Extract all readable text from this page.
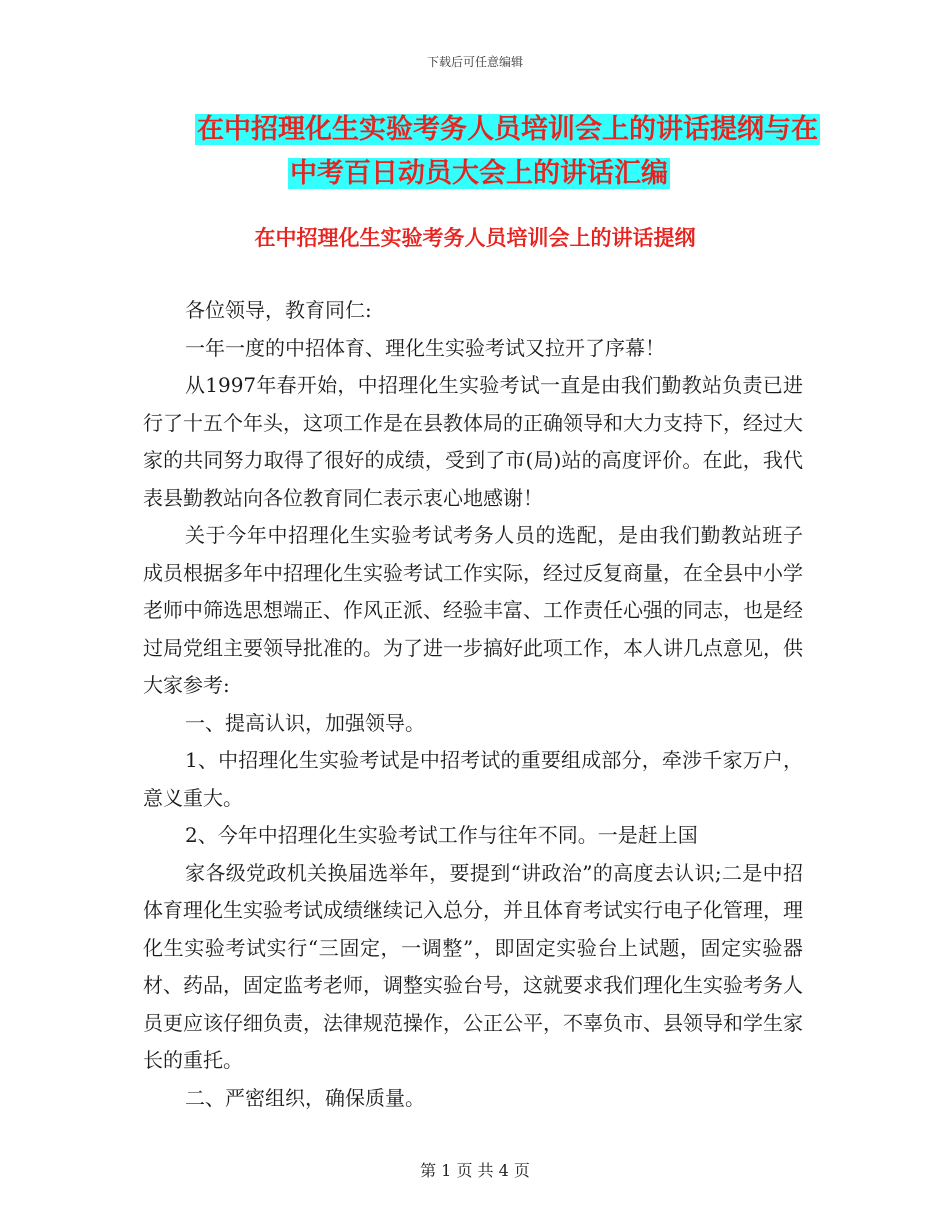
下载后可任意编辑
在中招理化生实验考务人员培训会上的讲话提纲与在
中考百日动员大会上的讲话汇编
在中招理化生实验考务人员培训会上的讲话提纲

各位领导，教育同仁:

一年一度的中招体育、理化生实验考试又拉开了序幕！

从1997年春开始，中招理化生实验考试一直是由我们勤教站负责已进行了十五个年头，这项工作是在县教体局的正确领导和大力支持下，经过大家的共同努力取得了很好的成绩，受到了市(局)站的高度评价。在此，我代表县勤教站向各位教育同仁表示衷心地感谢！

关于今年中招理化生实验考试考务人员的选配，是由我们勤教站班子成员根据多年中招理化生实验考试工作实际，经过反复商量，在全县中小学老师中筛选思想端正、作风正派、经验丰富、工作责任心强的同志，也是经过局党组主要领导批准的。为了进一步搞好此项工作，本人讲几点意见，供大家参考:

一、提高认识，加强领导。

1、中招理化生实验考试是中招考试的重要组成部分，牵涉千家万户，意义重大。

2、今年中招理化生实验考试工作与往年不同。一是赶上国

家各级党政机关换届选举年，要提到“讲政治”的高度去认识;二是中招体育理化生实验考试成绩继续记入总分，并且体育考试实行电子化管理，理化生实验考试实行“三固定，一调整”，即固定实验台上试题，固定实验器材、药品，固定监考老师，调整实验台号，这就要求我们理化生实验考务人员更应该仔细负责，法律规范操作，公正公平，不辜负市、县领导和学生家长的重托。

二、严密组织，确保质量。

第 1 页 共 4 页
